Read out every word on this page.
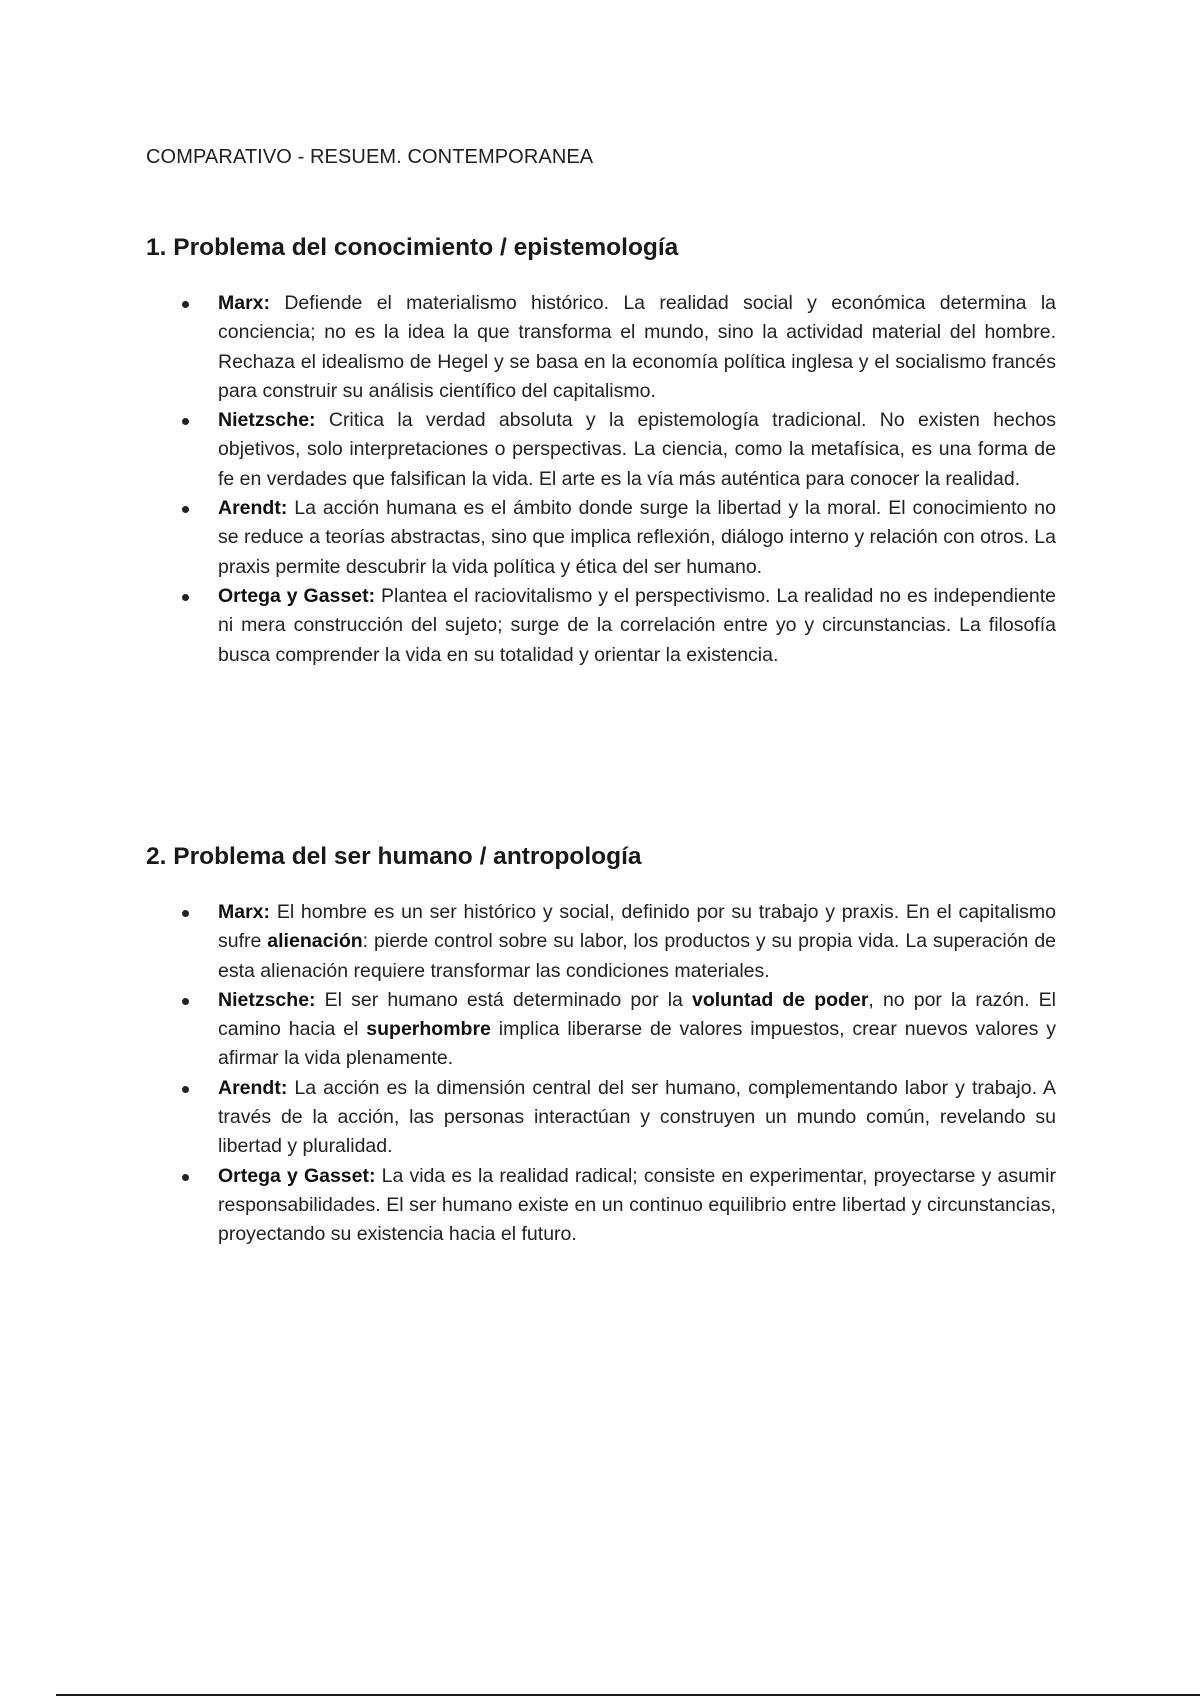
COMPARATIVO - RESUEM. CONTEMPORANEA
1. Problema del conocimiento / epistemología
Marx: Defiende el materialismo histórico. La realidad social y económica determina la conciencia; no es la idea la que transforma el mundo, sino la actividad material del hombre. Rechaza el idealismo de Hegel y se basa en la economía política inglesa y el socialismo francés para construir su análisis científico del capitalismo.
Nietzsche: Critica la verdad absoluta y la epistemología tradicional. No existen hechos objetivos, solo interpretaciones o perspectivas. La ciencia, como la metafísica, es una forma de fe en verdades que falsifican la vida. El arte es la vía más auténtica para conocer la realidad.
Arendt: La acción humana es el ámbito donde surge la libertad y la moral. El conocimiento no se reduce a teorías abstractas, sino que implica reflexión, diálogo interno y relación con otros. La praxis permite descubrir la vida política y ética del ser humano.
Ortega y Gasset: Plantea el raciovitalismo y el perspectivismo. La realidad no es independiente ni mera construcción del sujeto; surge de la correlación entre yo y circunstancias. La filosofía busca comprender la vida en su totalidad y orientar la existencia.
2. Problema del ser humano / antropología
Marx: El hombre es un ser histórico y social, definido por su trabajo y praxis. En el capitalismo sufre alienación: pierde control sobre su labor, los productos y su propia vida. La superación de esta alienación requiere transformar las condiciones materiales.
Nietzsche: El ser humano está determinado por la voluntad de poder, no por la razón. El camino hacia el superhombre implica liberarse de valores impuestos, crear nuevos valores y afirmar la vida plenamente.
Arendt: La acción es la dimensión central del ser humano, complementando labor y trabajo. A través de la acción, las personas interactúan y construyen un mundo común, revelando su libertad y pluralidad.
Ortega y Gasset: La vida es la realidad radical; consiste en experimentar, proyectarse y asumir responsabilidades. El ser humano existe en un continuo equilibrio entre libertad y circunstancias, proyectando su existencia hacia el futuro.
